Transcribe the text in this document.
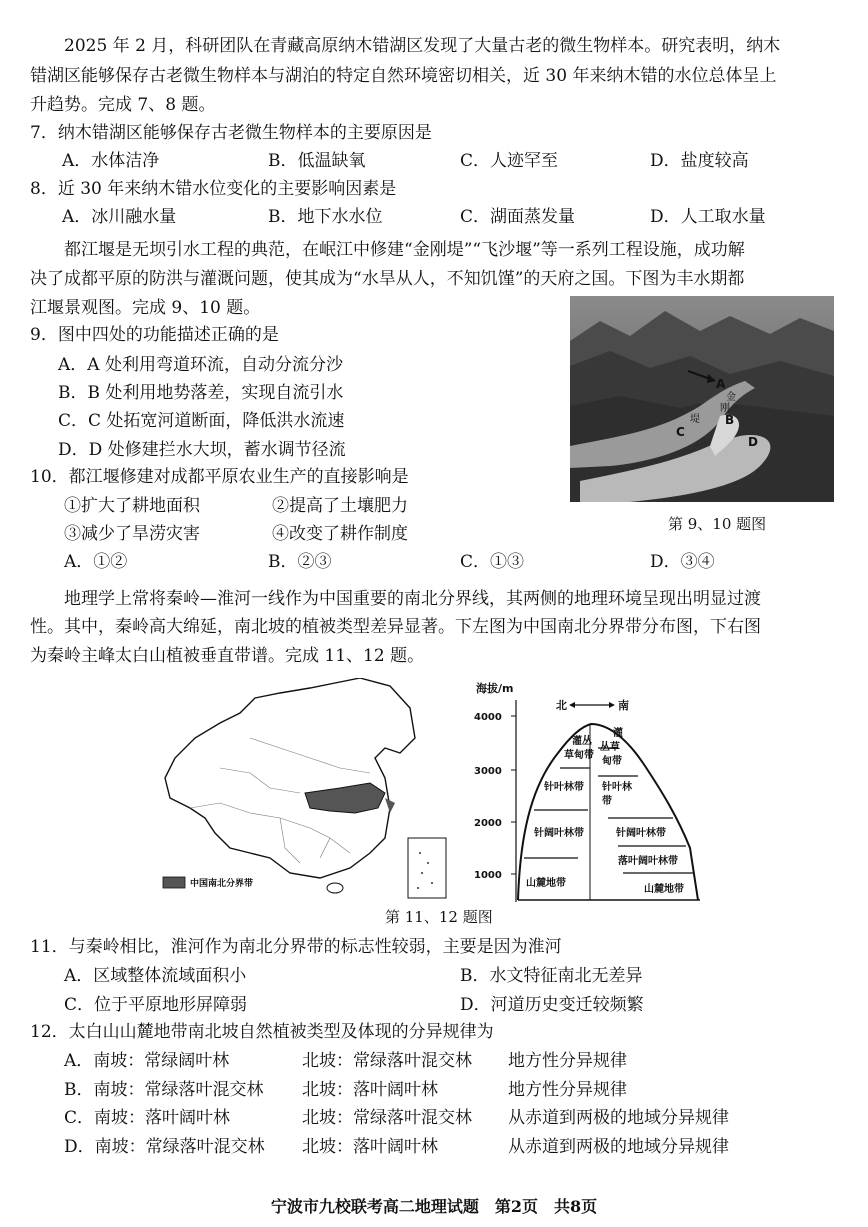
2025 年 2 月，科研团队在青藏高原纳木错湖区发现了大量古老的微生物样本。研究表明，纳木
错湖区能够保存古老微生物样本与湖泊的特定自然环境密切相关，近 30 年来纳木错的水位总体呈上
升趋势。完成 7、8 题。
7．纳木错湖区能够保存古老微生物样本的主要原因是
A．水体洁净	B．低温缺氧	C．人迹罕至	D．盐度较高
8．近 30 年来纳木错水位变化的主要影响因素是
A．冰川融水量	B．地下水水位	C．湖面蒸发量	D．人工取水量
都江堰是无坝引水工程的典范，在岷江中修建“金刚堤”“飞沙堰”等一系列工程设施，成功解
决了成都平原的防洪与灌溉问题，使其成为“水旱从人，不知饥馑”的天府之国。下图为丰水期都
江堰景观图。完成 9、10 题。
9．图中四处的功能描述正确的是
A．A 处利用弯道环流，自动分流分沙
B．B 处利用地势落差，实现自流引水
C．C 处拓宽河道断面，降低洪水流速
D．D 处修建拦水大坝，蓄水调节径流
A
B
C
D
金
刚
堤
第 9、10 题图
10．都江堰修建对成都平原农业生产的直接影响是
①扩大了耕地面积	②提高了土壤肥力
③减少了旱涝灾害	④改变了耕作制度
A．①②	B．②③	C．①③	D．③④
地理学上常将秦岭—淮河一线作为中国重要的南北分界线，其两侧的地理环境呈现出明显过渡
性。其中，秦岭高大绵延，南北坡的植被类型差异显著。下左图为中国南北分界带分布图，下右图
为秦岭主峰太白山植被垂直带谱。完成 11、12 题。
中国南北分界带
海拔/m
4000
3000
2000
1000
北	南
灌丛
草甸带
针叶林带
针阔叶林带
山麓地带
灌
丛草
甸带
针叶林
带
针阔叶林带
落叶阔叶林带
山麓地带
第 11、12 题图
11．与秦岭相比，淮河作为南北分界带的标志性较弱，主要是因为淮河
A．区域整体流域面积小	B．水文特征南北无差异
C．位于平原地形屏障弱	D．河道历史变迁较频繁
12．太白山山麓地带南北坡自然植被类型及体现的分异规律为
A．南坡：常绿阔叶林	北坡：常绿落叶混交林 地方性分异规律
B．南坡：常绿落叶混交林 北坡：落叶阔叶林	地方性分异规律
C．南坡：落叶阔叶林	北坡：常绿落叶混交林 从赤道到两极的地域分异规律
D．南坡：常绿落叶混交林 北坡：落叶阔叶林	从赤道到两极的地域分异规律
宁波市九校联考高二地理试题　第2页　共8页
